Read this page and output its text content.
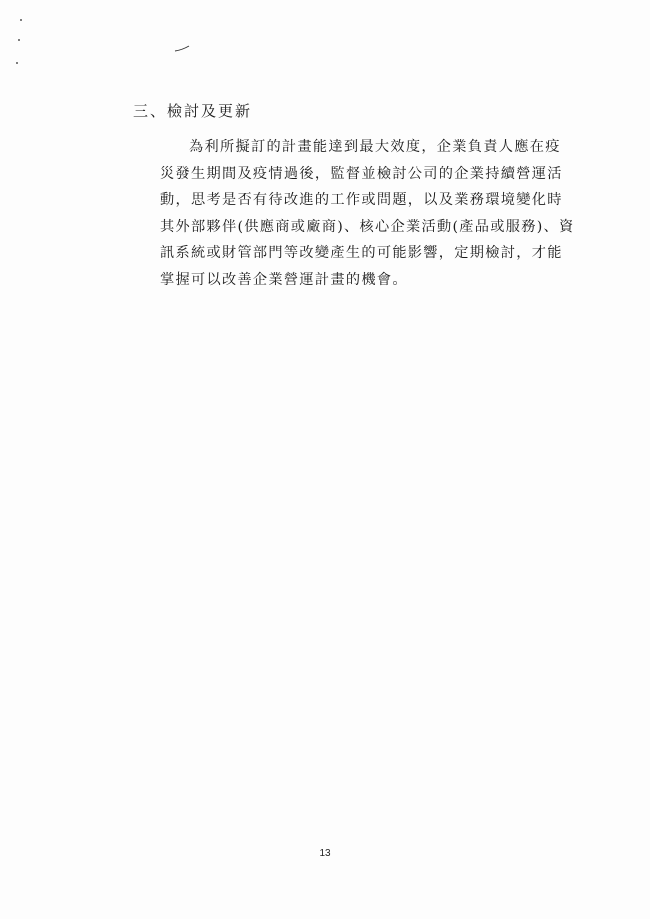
三、檢討及更新
為利所擬訂的計畫能達到最大效度，企業負責人應在疫
災發生期間及疫情過後，監督並檢討公司的企業持續營運活
動，思考是否有待改進的工作或問題，以及業務環境變化時
其外部夥伴(供應商或廠商)、核心企業活動(產品或服務)、資
訊系統或財管部門等改變產生的可能影響，定期檢討，才能
掌握可以改善企業營運計畫的機會。
13
